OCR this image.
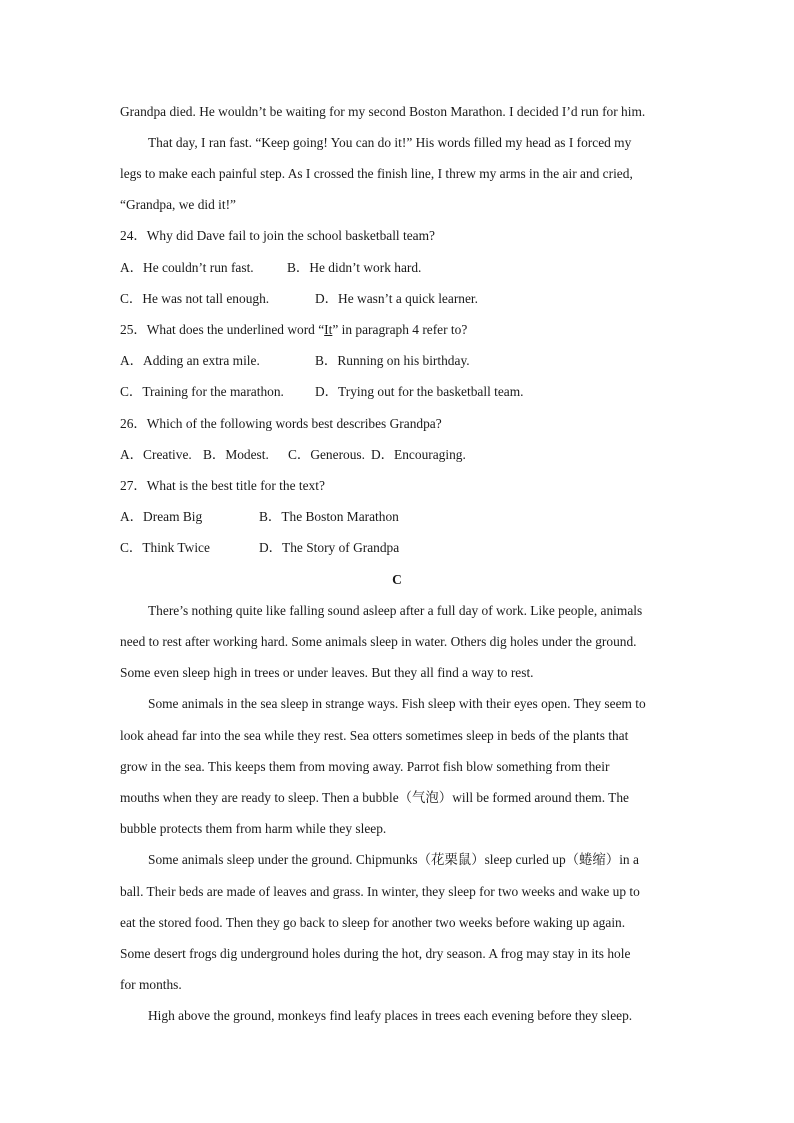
Grandpa died. He wouldn’t be waiting for my second Boston Marathon. I decided I’d run for him.
That day, I ran fast. “Keep going! You can do it!” His words filled my head as I forced my
legs to make each painful step. As I crossed the finish line, I threw my arms in the air and cried,
“Grandpa, we did it!”
24．Why did Dave fail to join the school basketball team?
A．He couldn’t run fast. B．He didn’t work hard.
C．He was not tall enough.	D．He wasn’t a quick learner.
25．What does the underlined word “It” in paragraph 4 refer to?
A．Adding an extra mile.	B．Running on his birthday.
C．Training for the marathon. D．Trying out for the basketball team.
26．Which of the following words best describes Grandpa?
A．Creative. B．Modest. C．Generous. D．Encouraging.
27．What is the best title for the text?
A．Dream Big	B．The Boston Marathon
C．Think Twice	D．The Story of Grandpa
C
There’s nothing quite like falling sound asleep after a full day of work. Like people, animals
need to rest after working hard. Some animals sleep in water. Others dig holes under the ground.
Some even sleep high in trees or under leaves. But they all find a way to rest.
Some animals in the sea sleep in strange ways. Fish sleep with their eyes open. They seem to
look ahead far into the sea while they rest. Sea otters sometimes sleep in beds of the plants that
grow in the sea. This keeps them from moving away. Parrot fish blow something from their
mouths when they are ready to sleep. Then a bubble（气泡）will be formed around them. The
bubble protects them from harm while they sleep.
Some animals sleep under the ground. Chipmunks（花栗鼠）sleep curled up（蜷缩）in a
ball. Their beds are made of leaves and grass. In winter, they sleep for two weeks and wake up to
eat the stored food. Then they go back to sleep for another two weeks before waking up again.
Some desert frogs dig underground holes during the hot, dry season. A frog may stay in its hole
for months.
High above the ground, monkeys find leafy places in trees each evening before they sleep.
